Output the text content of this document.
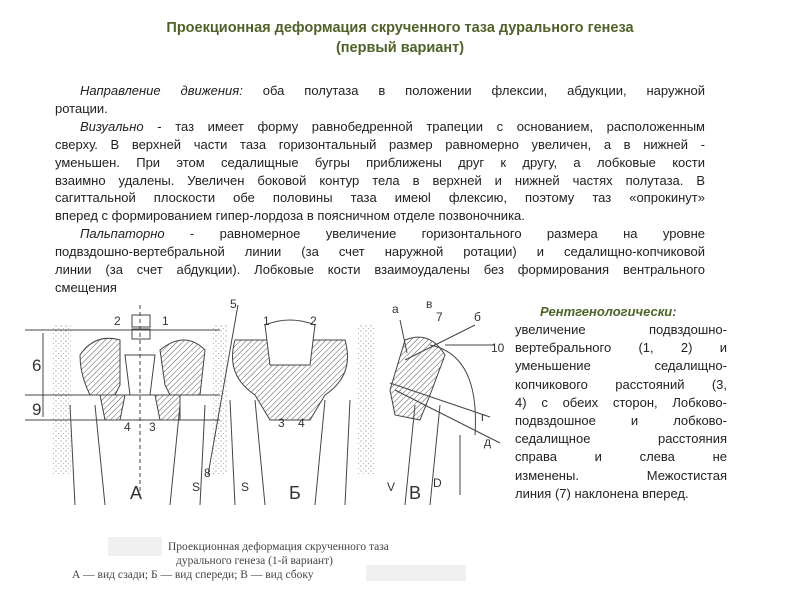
Проекционная деформация скрученного таза дурального генеза
(первый вариант)
Направление движения: оба полутаза в положении флексии, абдукции, наружной
ротации.
Визуально - таз имеет форму равнобедренной трапеции с основанием, расположенным
сверху. В верхней части таза горизонтальный размер равномерно увеличен, а в нижней -
уменьшен. При этом седалищные бугры приближены друг к другу, а лобковые кости
взаимно удалены. Увеличен боковой контур тела в верхней и нижней частях полутаза. В
сагиттальной плоскости обе половины таза имеюl флексию, поэтому таз «опрокинут»
вперед с формированием гипер-лордоза в поясничном отделе позвоночника.
Пальпаторно - равномерное увеличение горизонтального размера на уровне
подвздошно-вертебральной линии (за счет наружной ротации) и седалищно-копчиковой
линии (за счет абдукции). Лобковые кости взаимоудалены без формирования вентрального
смещения
Рентгенологически:
увеличение подвздошно-
вертебрального (1, 2) и
уменьшение седалищно-
копчикового расстояний (3,
4) с обеих сторон, Лобково-
подвздошное и лобково-
седалищное расстояния
справа и слева не
изменены. Межостистая
линия (7) наклонена вперед.
2	1
5
6
9
4 3
8
1	2
3 4
а в
7	б
10
г
д
А	S	S Б	V В D
Проекционная деформация скрученного таза
дурального генеза (1-й вариант)
А — вид сзади; Б — вид спереди; В — вид сбоку
